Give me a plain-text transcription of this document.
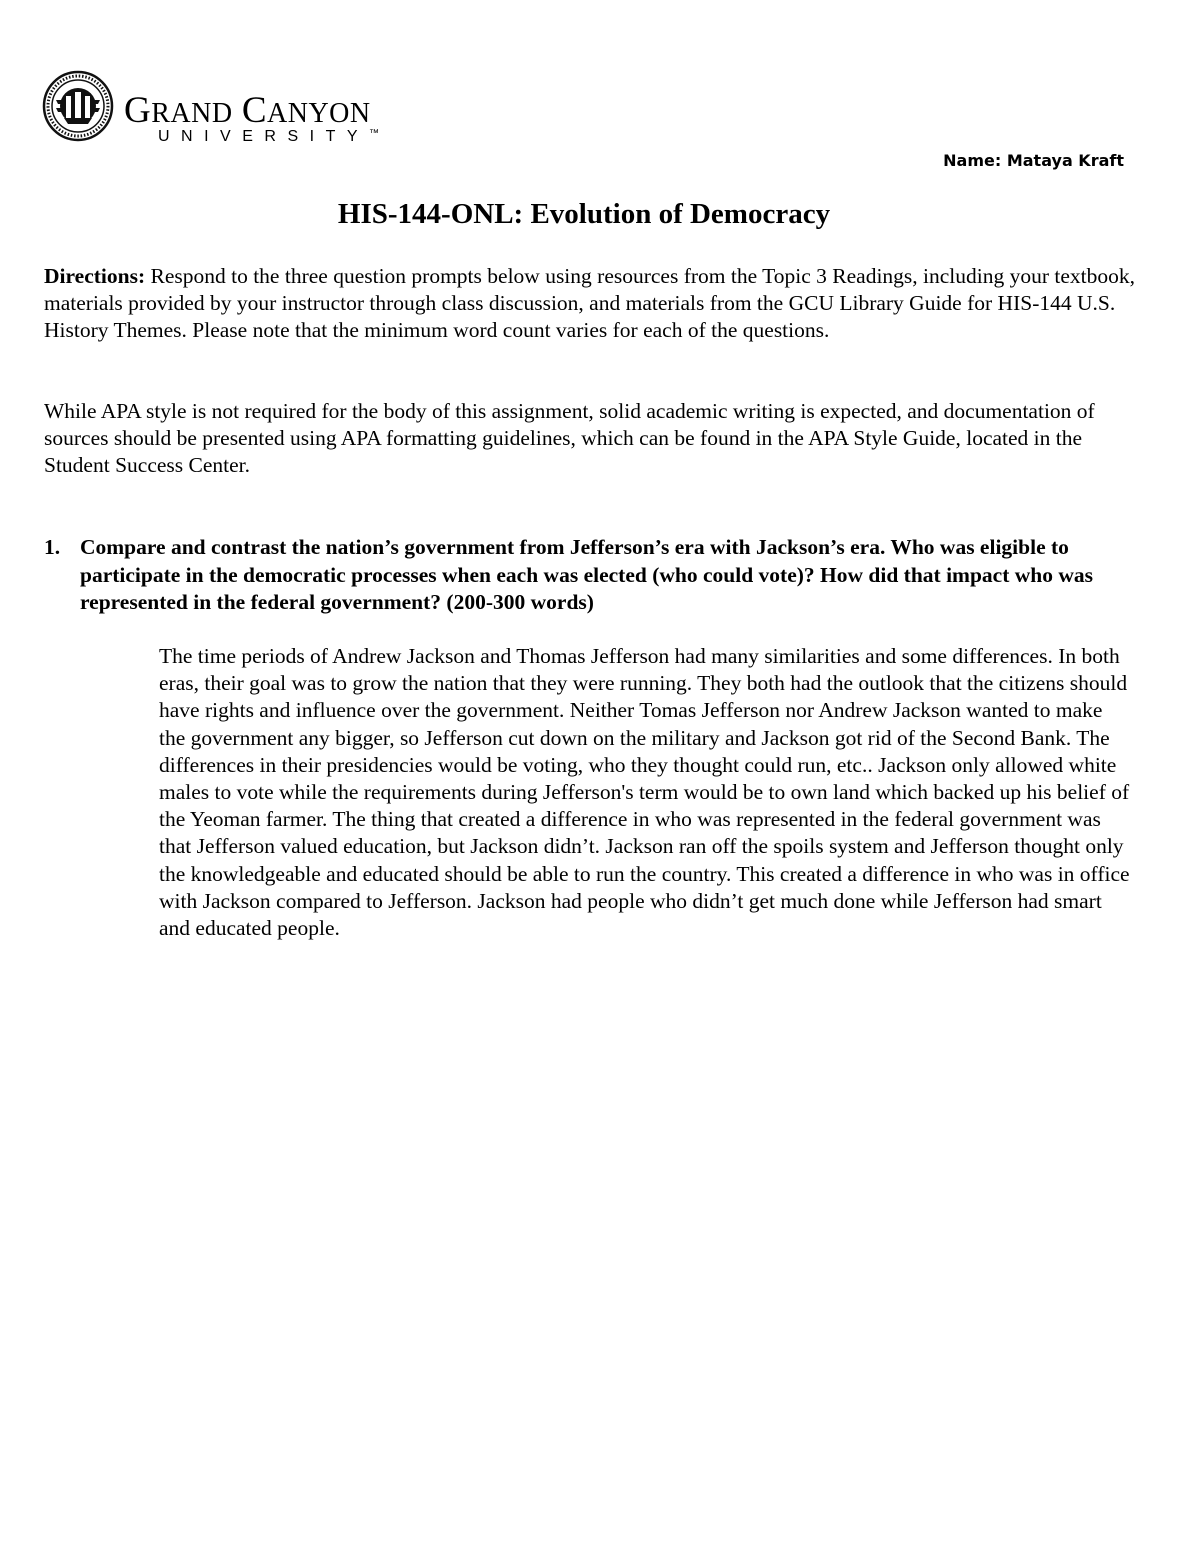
GRAND CANYON
UNIVERSITY™
Name: Mataya Kraft
HIS-144-ONL: Evolution of Democracy

Directions: Respond to the three question prompts below using resources from the Topic 3 Readings, including your textbook, materials provided by your instructor through class discussion, and materials from the GCU Library Guide for HIS-144 U.S. History Themes. Please note that the minimum word count varies for each of the questions.

While APA style is not required for the body of this assignment, solid academic writing is expected, and documentation of sources should be presented using APA formatting guidelines, which can be found in the APA Style Guide, located in the Student Success Center.

1. Compare and contrast the nation’s government from Jefferson’s era with Jackson’s era. Who was eligible to participate in the democratic processes when each was elected (who could vote)? How did that impact who was represented in the federal government? (200-300 words)

The time periods of Andrew Jackson and Thomas Jefferson had many similarities and some differences. In both eras, their goal was to grow the nation that they were running. They both had the outlook that the citizens should have rights and influence over the government. Neither Tomas Jefferson nor Andrew Jackson wanted to make the government any bigger, so Jefferson cut down on the military and Jackson got rid of the Second Bank. The differences in their presidencies would be voting, who they thought could run, etc.. Jackson only allowed white males to vote while the requirements during Jefferson's term would be to own land which backed up his belief of the Yeoman farmer. The thing that created a difference in who was represented in the federal government was that Jefferson valued education, but Jackson didn’t. Jackson ran off the spoils system and Jefferson thought only the knowledgeable and educated should be able to run the country. This created a difference in who was in office with Jackson compared to Jefferson. Jackson had people who didn’t get much done while Jefferson had smart and educated people.
